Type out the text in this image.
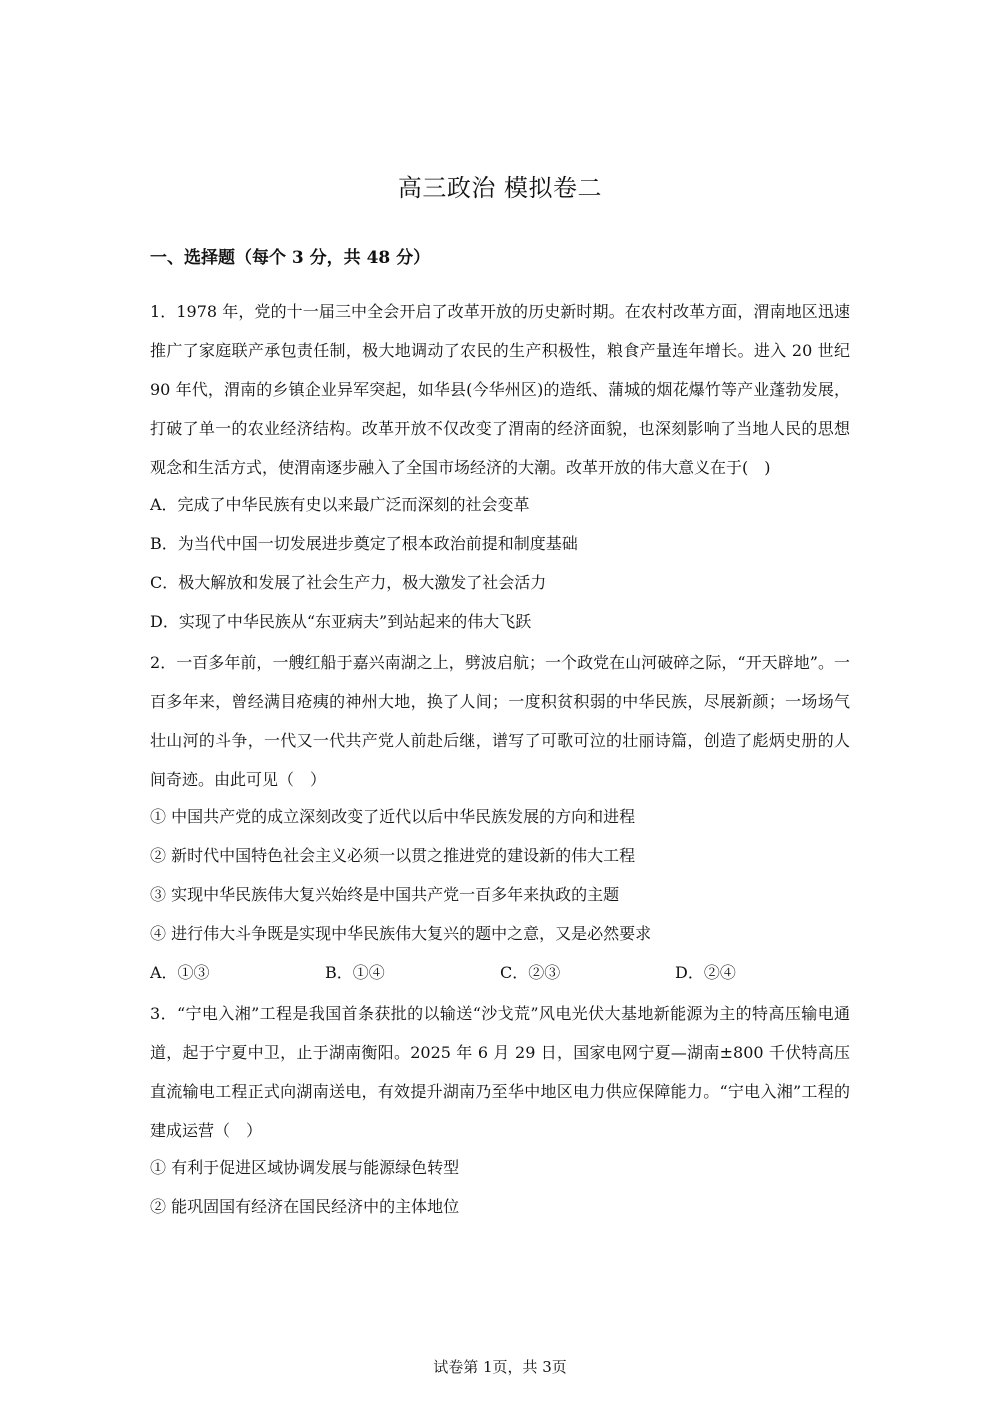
高三政治 模拟卷二
一、选择题（每个 3 分，共 48 分）

1．1978 年，党的十一届三中全会开启了改革开放的历史新时期。在农村改革方面，渭南地区迅速推广了家庭联产承包责任制，极大地调动了农民的生产积极性，粮食产量连年增长。进入 20 世纪 90 年代，渭南的乡镇企业异军突起，如华县(今华州区)的造纸、蒲城的烟花爆竹等产业蓬勃发展，打破了单一的农业经济结构。改革开放不仅改变了渭南的经济面貌，也深刻影响了当地人民的思想观念和生活方式，使渭南逐步融入了全国市场经济的大潮。改革开放的伟大意义在于(　)

A．完成了中华民族有史以来最广泛而深刻的社会变革
B．为当代中国一切发展进步奠定了根本政治前提和制度基础
C．极大解放和发展了社会生产力，极大激发了社会活力
D．实现了中华民族从“东亚病夫”到站起来的伟大飞跃

2．一百多年前，一艘红船于嘉兴南湖之上，劈波启航；一个政党在山河破碎之际，“开天辟地”。一百多年来，曾经满目疮痍的神州大地，换了人间；一度积贫积弱的中华民族，尽展新颜；一场场气壮山河的斗争，一代又一代共产党人前赴后继，谱写了可歌可泣的壮丽诗篇，创造了彪炳史册的人间奇迹。由此可见（　）

① 中国共产党的成立深刻改变了近代以后中华民族发展的方向和进程
② 新时代中国特色社会主义必须一以贯之推进党的建设新的伟大工程
③ 实现中华民族伟大复兴始终是中国共产党一百多年来执政的主题
④ 进行伟大斗争既是实现中华民族伟大复兴的题中之意，又是必然要求
A．①③	B．①④	C．②③	D．②④

3．“宁电入湘”工程是我国首条获批的以输送“沙戈荒”风电光伏大基地新能源为主的特高压输电通道，起于宁夏中卫，止于湖南衡阳。2025 年 6 月 29 日，国家电网宁夏—湖南±800 千伏特高压直流输电工程正式向湖南送电，有效提升湖南乃至华中地区电力供应保障能力。“宁电入湘”工程的建成运营（　）

① 有利于促进区域协调发展与能源绿色转型
② 能巩固国有经济在国民经济中的主体地位
试卷第 1页，共 3页
